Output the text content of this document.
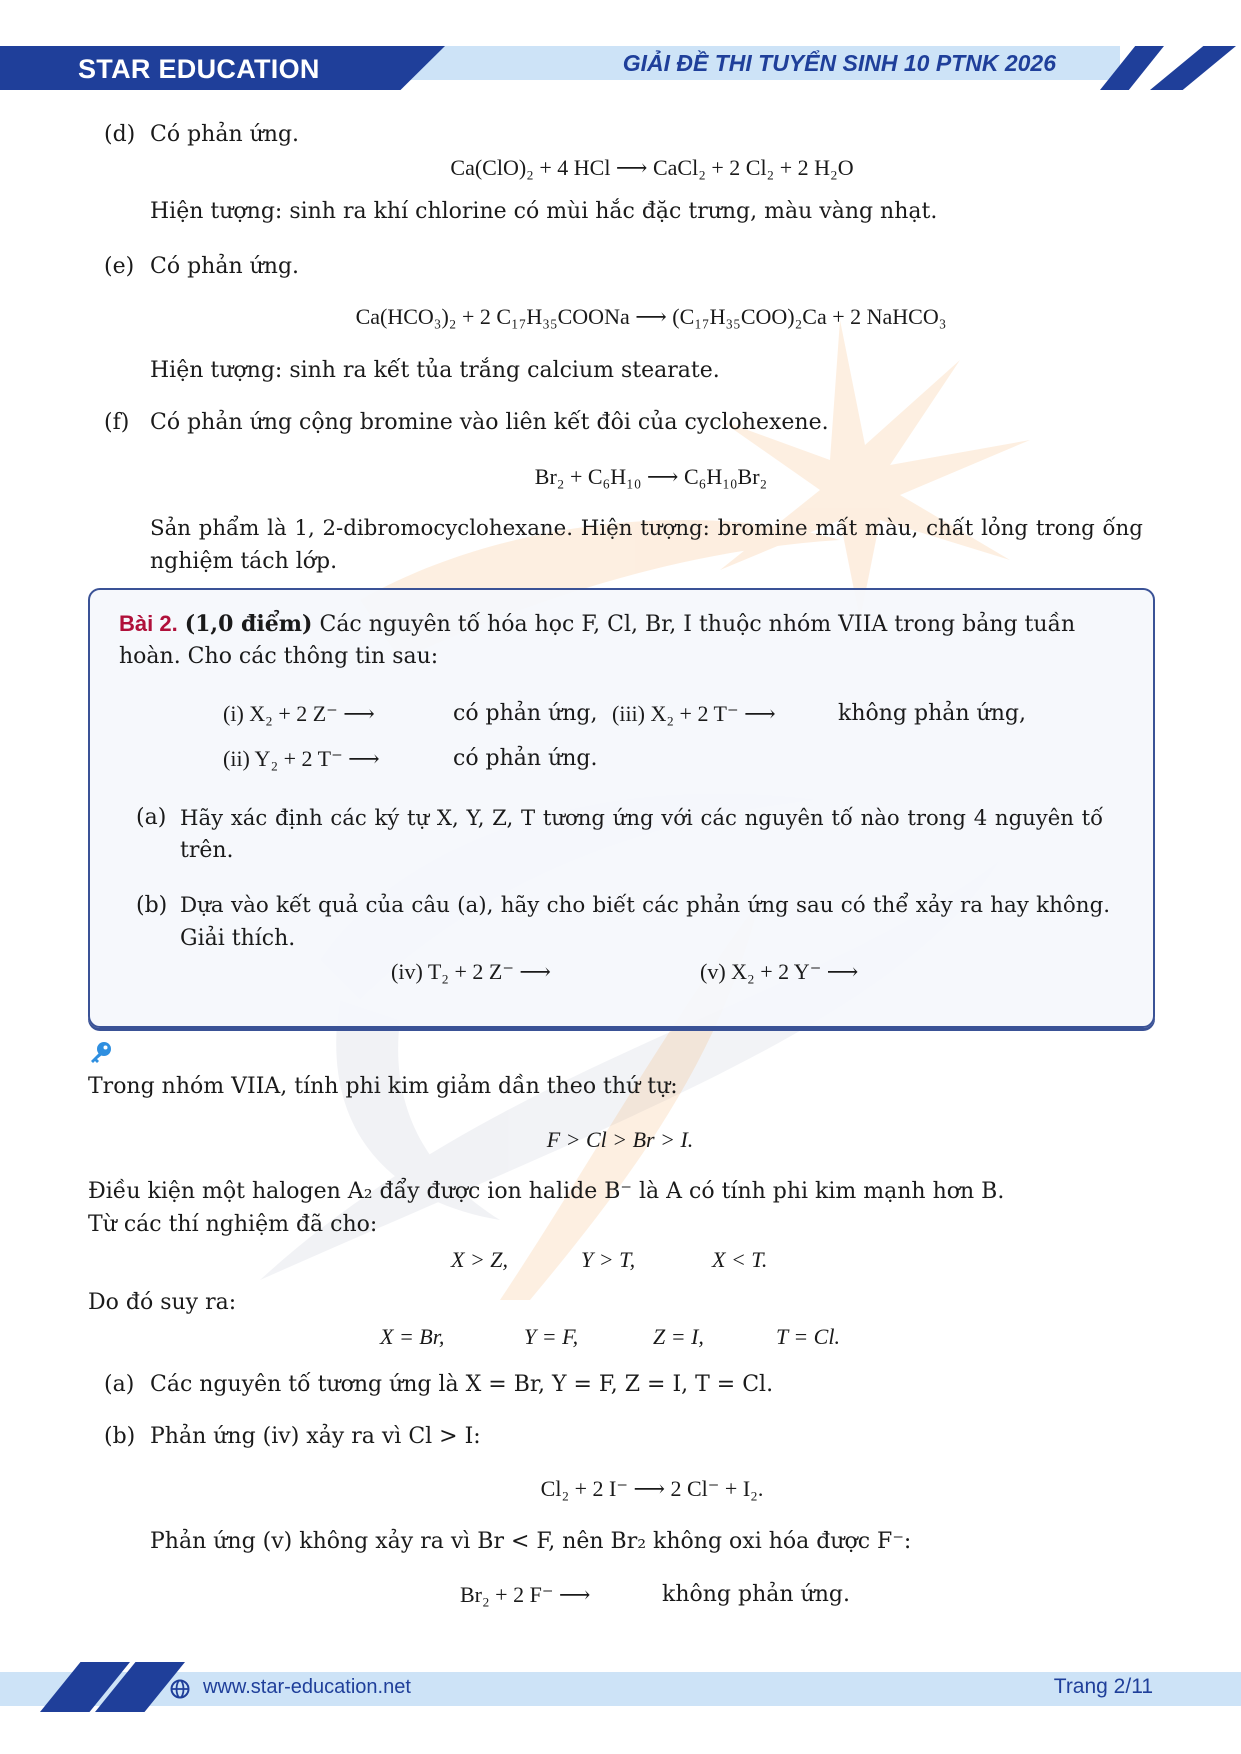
STAR EDUCATION	GIẢI ĐỀ THI TUYỂN SINH 10 PTNK 2026
(d) Có phản ứng.
Ca(ClO)₂ + 4 HCl ⟶ CaCl₂ + 2 Cl₂ + 2 H₂O
Hiện tượng: sinh ra khí chlorine có mùi hắc đặc trưng, màu vàng nhạt.
(e) Có phản ứng.
Ca(HCO₃)₂ + 2 C₁₇H₃₅COONa ⟶ (C₁₇H₃₅COO)₂Ca + 2 NaHCO₃
Hiện tượng: sinh ra kết tủa trắng calcium stearate.
(f) Có phản ứng cộng bromine vào liên kết đôi của cyclohexene.
Br₂ + C₆H₁₀ ⟶ C₆H₁₀Br₂
Sản phẩm là 1, 2-dibromocyclohexane. Hiện tượng: bromine mất màu, chất lỏng trong ống
nghiệm tách lớp.
Bài 2. (1,0 điểm) Các nguyên tố hóa học F, Cl, Br, I thuộc nhóm VIIA trong bảng tuần
hoàn. Cho các thông tin sau:
(i) X₂ + 2 Z⁻ ⟶	có phản ứng, (iii) X₂ + 2 T⁻ ⟶	không phản ứng,
(ii) Y₂ + 2 T⁻ ⟶	có phản ứng.
(a) Hãy xác định các ký tự X, Y, Z, T tương ứng với các nguyên tố nào trong 4 nguyên tố
trên.
(b) Dựa vào kết quả của câu (a), hãy cho biết các phản ứng sau có thể xảy ra hay không.
Giải thích.
(iv) T₂ + 2 Z⁻ ⟶	(v) X₂ + 2 Y⁻ ⟶
Trong nhóm VIIA, tính phi kim giảm dần theo thứ tự:
F > Cl > Br > I.
Điều kiện một halogen A₂ đẩy được ion halide B⁻ là A có tính phi kim mạnh hơn B.
Từ các thí nghiệm đã cho:
X > Z,	Y > T,	X < T.
Do đó suy ra:
X = Br,	Y = F,	Z = I,	T = Cl.
(a) Các nguyên tố tương ứng là X = Br, Y = F, Z = I, T = Cl.
(b) Phản ứng (iv) xảy ra vì Cl > I:
Cl₂ + 2 I⁻ ⟶ 2 Cl⁻ + I₂.
Phản ứng (v) không xảy ra vì Br < F, nên Br₂ không oxi hóa được F⁻:
Br₂ + 2 F⁻ ⟶	không phản ứng.
www.star-education.net	Trang 2/11
